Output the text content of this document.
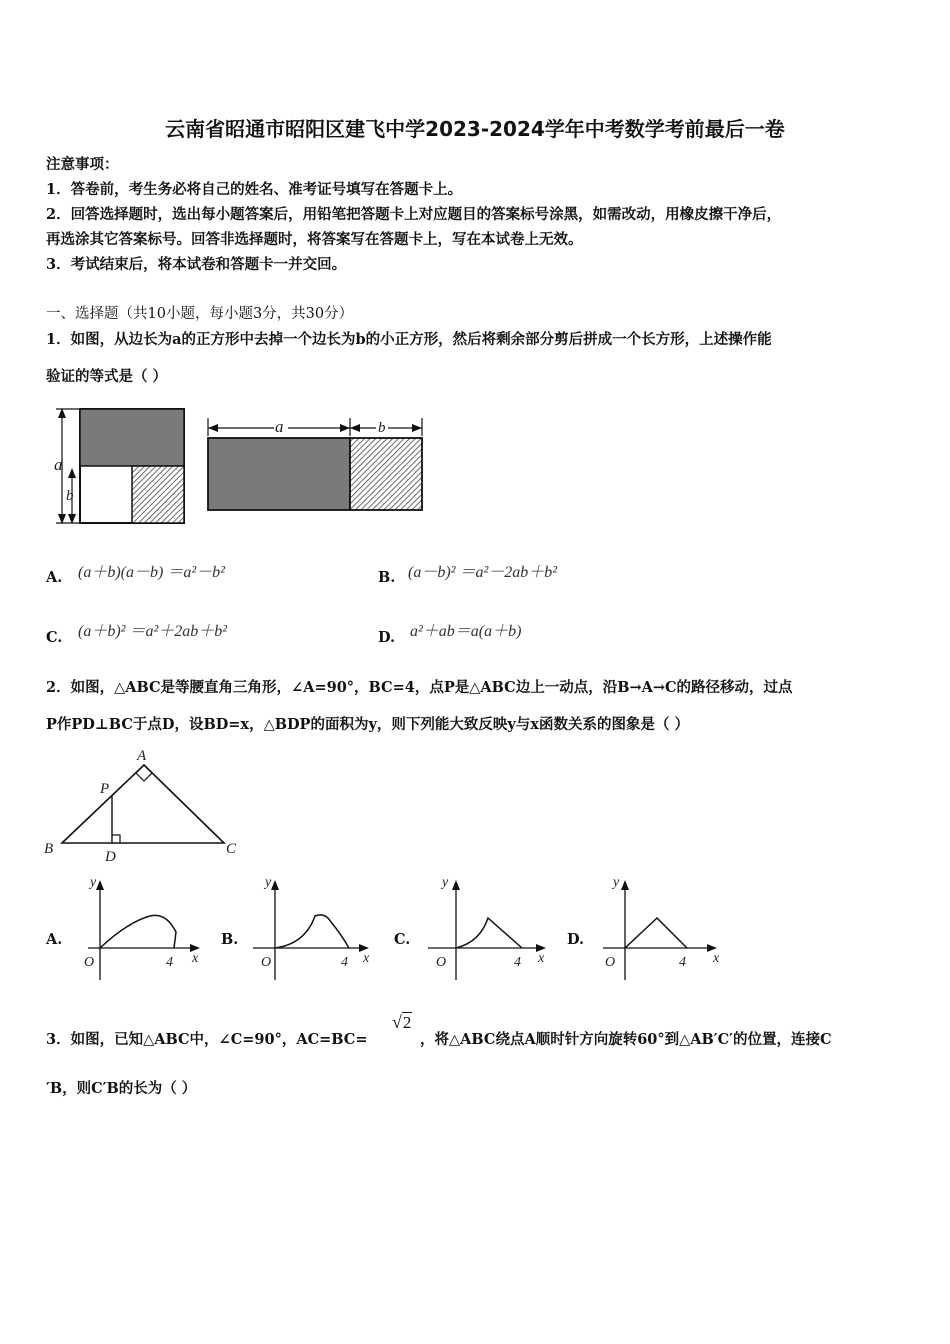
云南省昭通市昭阳区建飞中学2023-2024学年中考数学考前最后一卷
注意事项：
1．答卷前，考生务必将自己的姓名、准考证号填写在答题卡上。
2．回答选择题时，选出每小题答案后，用铅笔把答题卡上对应题目的答案标号涂黑，如需改动，用橡皮擦干净后，
再选涂其它答案标号。回答非选择题时，将答案写在答题卡上，写在本试卷上无效。
3．考试结束后，将本试卷和答题卡一并交回。
一、选择题（共10小题，每小题3分，共30分）
1．如图，从边长为a的正方形中去掉一个边长为b的小正方形，然后将剩余部分剪后拼成一个长方形，上述操作能
验证的等式是（ ）
a
b
a	b
A. (a＋b)(a－b) ＝a²－b²	B. (a－b)² ＝a²－2ab＋b²
C. (a＋b)² ＝a²＋2ab＋b²	D. a²＋ab＝a(a＋b)
2．如图，△ABC是等腰直角三角形，∠A=90°，BC=4，点P是△ABC边上一动点，沿B→A→C的路径移动，过点
P作PD⊥BC于点D，设BD=x，△BDP的面积为y，则下列能大致反映y与x函数关系的图象是（ ）
A
P
B	C
D
A.
y
x
O	4
B.
y
x
O	4
C.
y
x
O	4
D.
y
x
O	4
3．如图，已知△ABC中，∠C=90°，AC=BC=
√2
，将△ABC绕点A顺时针方向旋转60°到△AB′C′的位置，连接C
′B，则C′B的长为（ ）
